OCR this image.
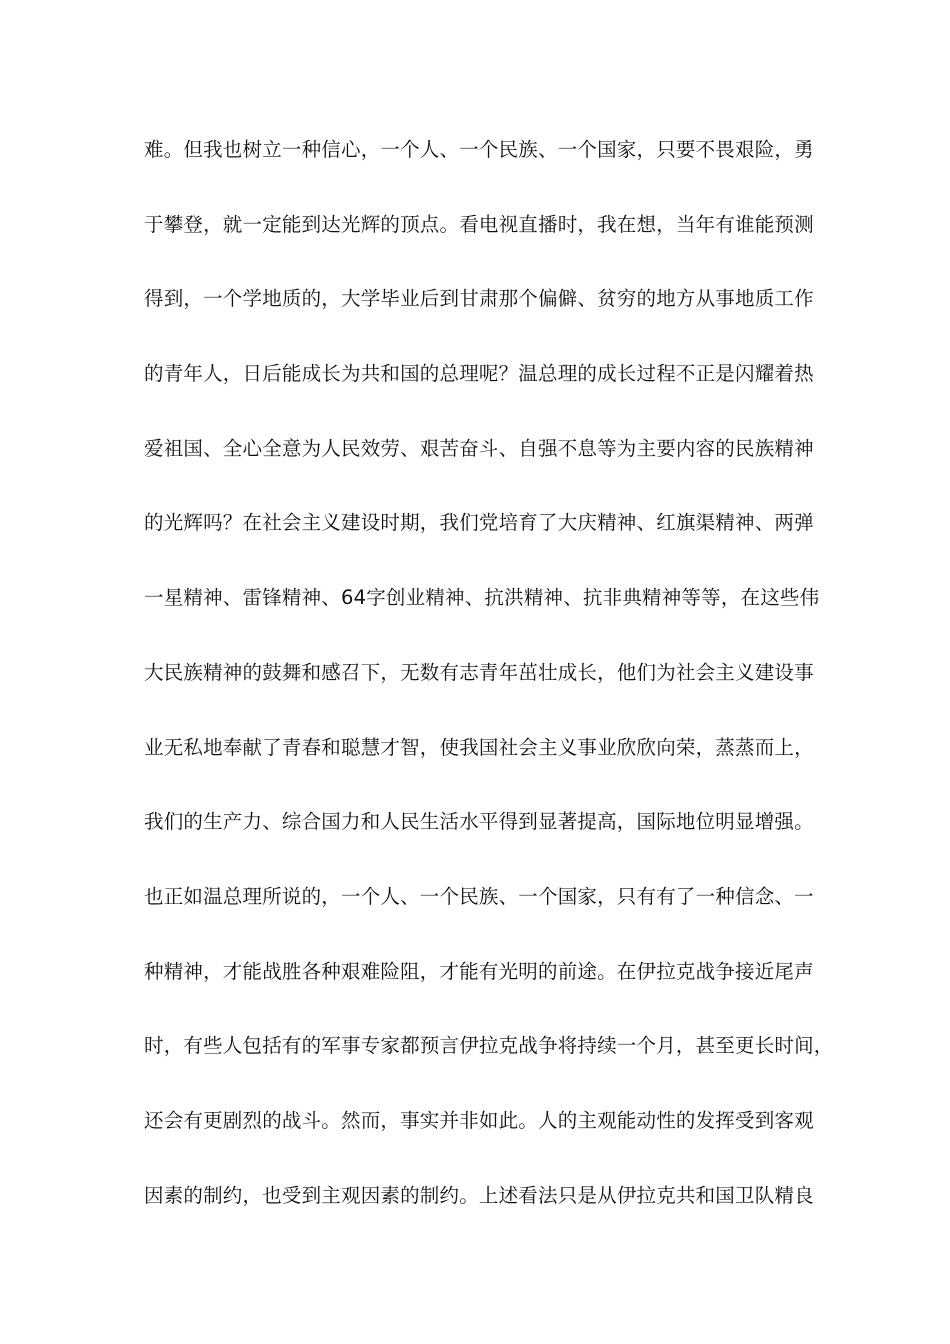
难。但我也树立一种信心，一个人、一个民族、一个国家，只要不畏艰险，勇
于攀登，就一定能到达光辉的顶点。看电视直播时，我在想，当年有谁能预测
得到，一个学地质的，大学毕业后到甘肃那个偏僻、贫穷的地方从事地质工作
的青年人，日后能成长为共和国的总理呢？温总理的成长过程不正是闪耀着热
爱祖国、全心全意为人民效劳、艰苦奋斗、自强不息等为主要内容的民族精神
的光辉吗？在社会主义建设时期，我们党培育了大庆精神、红旗渠精神、两弹
一星精神、雷锋精神、64字创业精神、抗洪精神、抗非典精神等等，在这些伟
大民族精神的鼓舞和感召下，无数有志青年茁壮成长，他们为社会主义建设事
业无私地奉献了青春和聪慧才智，使我国社会主义事业欣欣向荣，蒸蒸而上，
我们的生产力、综合国力和人民生活水平得到显著提高，国际地位明显增强。
也正如温总理所说的，一个人、一个民族、一个国家，只有有了一种信念、一
种精神，才能战胜各种艰难险阻，才能有光明的前途。在伊拉克战争接近尾声
时，有些人包括有的军事专家都预言伊拉克战争将持续一个月，甚至更长时间，
还会有更剧烈的战斗。然而，事实并非如此。人的主观能动性的发挥受到客观
因素的制约，也受到主观因素的制约。上述看法只是从伊拉克共和国卫队精良
